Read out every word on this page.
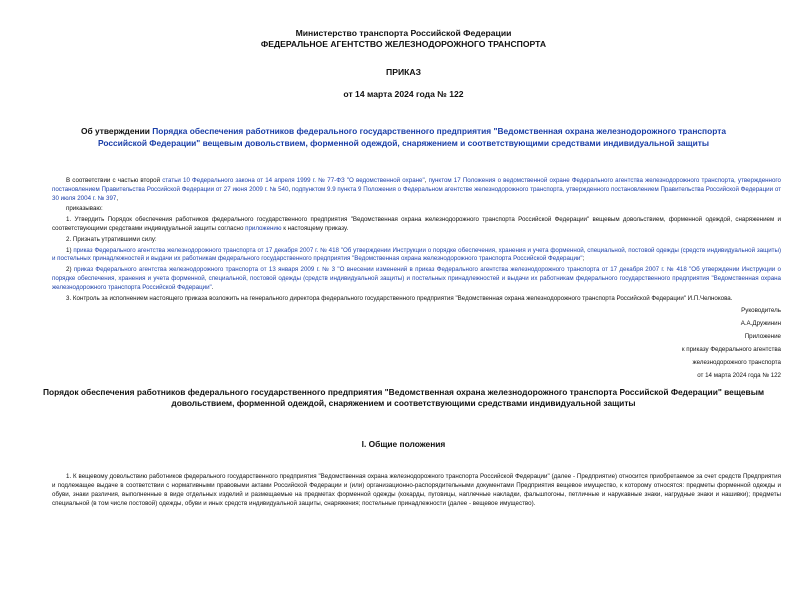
Министерство транспорта Российской Федерации
ФЕДЕРАЛЬНОЕ АГЕНТСТВО ЖЕЛЕЗНОДОРОЖНОГО ТРАНСПОРТА
ПРИКАЗ
от 14 марта 2024 года № 122
Об утверждении Порядка обеспечения работников федерального государственного предприятия "Ведомственная охрана железнодорожного транспорта Российской Федерации" вещевым довольствием, форменной одеждой, снаряжением и соответствующими средствами индивидуальной защиты

В соответствии с частью второй статьи 10 Федерального закона от 14 апреля 1999 г. № 77-ФЗ "О ведомственной охране", пунктом 17 Положения о ведомственной охране Федерального агентства железнодорожного транспорта, утвержденного постановлением Правительства Российской Федерации от 27 июня 2009 г. № 540, подпунктом 9.9 пункта 9 Положения о Федеральном агентстве железнодорожного транспорта, утвержденного постановлением Правительства Российской Федерации от 30 июля 2004 г. № 397,

приказываю:

1. Утвердить Порядок обеспечения работников федерального государственного предприятия "Ведомственная охрана железнодорожного транспорта Российской Федерации" вещевым довольствием, форменной одеждой, снаряжением и соответствующими средствами индивидуальной защиты согласно приложению к настоящему приказу.

2. Признать утратившими силу:

1) приказ Федерального агентства железнодорожного транспорта от 17 декабря 2007 г. № 418 "Об утверждении Инструкции о порядке обеспечения, хранения и учета форменной, специальной, постовой одежды (средств индивидуальной защиты) и постельных принадлежностей и выдачи их работникам федерального государственного предприятия "Ведомственная охрана железнодорожного транспорта Российской Федерации";

2) приказ Федерального агентства железнодорожного транспорта от 13 января 2009 г. № 3 "О внесении изменений в приказ Федерального агентства железнодорожного транспорта от 17 декабря 2007 г. № 418 "Об утверждении Инструкции о порядке обеспечения, хранения и учета форменной, специальной, постовой одежды (средств индивидуальной защиты) и постельных принадлежностей и выдачи их работникам федерального государственного предприятия "Ведомственная охрана железнодорожного транспорта Российской Федерации".

3. Контроль за исполнением настоящего приказа возложить на генерального директора федерального государственного предприятия "Ведомственная охрана железнодорожного транспорта Российской Федерации" И.П.Челнокова.

Руководитель
А.А.Дружинин
Приложение
к приказу Федерального агентства
железнодорожного транспорта
от 14 марта 2024 года № 122
Порядок обеспечения работников федерального государственного предприятия "Ведомственная охрана железнодорожного транспорта Российской Федерации" вещевым довольствием, форменной одеждой, снаряжением и соответствующими средствами индивидуальной защиты
I. Общие положения

1. К вещевому довольствию работников федерального государственного предприятия "Ведомственная охрана железнодорожного транспорта Российской Федерации" (далее - Предприятие) относится приобретаемое за счет средств Предприятия и подлежащее выдаче в соответствии с нормативными правовыми актами Российской Федерации и (или) организационно-распорядительными документами Предприятия вещевое имущество, к которому относятся: предметы форменной одежды и обуви, знаки различия, выполненные в виде отдельных изделий и размещаемые на предметах форменной одежды (кокарды, пуговицы, наплечные накладки, фальшпогоны, петличные и нарукавные знаки, нагрудные знаки и нашивки); предметы специальной (в том числе постовой) одежды, обуви и иных средств индивидуальной защиты, снаряжения; постельные принадлежности (далее - вещевое имущество).
